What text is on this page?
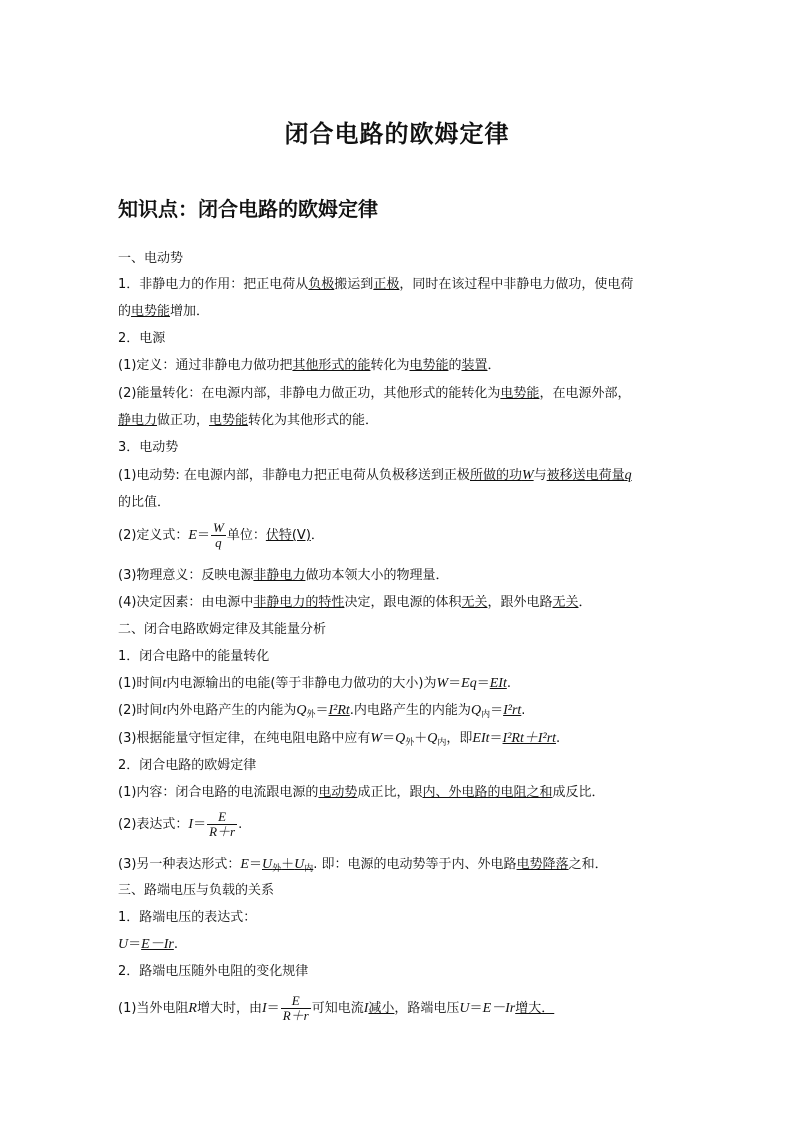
闭合电路的欧姆定律
知识点：闭合电路的欧姆定律
一、电动势
1．非静电力的作用：把正电荷从负极搬运到正极，同时在该过程中非静电力做功，使电荷
的电势能增加．
2．电源
(1)定义：通过非静电力做功把其他形式的能转化为电势能的装置．
(2)能量转化：在电源内部，非静电力做正功，其他形式的能转化为电势能，在电源外部，
静电力做正功，电势能转化为其他形式的能．
3．电动势
(1)电动势: 在电源内部，非静电力把正电荷从负极移送到正极所做的功W与被移送电荷量q
的比值．
(2)定义式：$E= \frac{W}{q}$ 单位：伏特(V)．
(3)物理意义：反映电源非静电力做功本领大小的物理量．
(4)决定因素：由电源中非静电力的特性决定，跟电源的体积无关，跟外电路无关．
二、闭合电路欧姆定律及其能量分析
1．闭合电路中的能量转化
(1)时间t内电源输出的电能(等于非静电力做功的大小)为W＝Eq＝EIt.
(2)时间t内外电路产生的内能为$Q_外=I^2Rt$.内电路产生的内能为$Q_内=I^2rt$.
(3)根据能量守恒定律，在纯电阻电路中应有$W=Q_外+Q_内$，即EIt＝I²Rt＋I²rt.
2．闭合电路的欧姆定律
(1)内容：闭合电路的电流跟电源的电动势成正比，跟内、外电路的电阻之和成反比．
(2)表达式：$I= \frac{E}{R+r}$ .
(3)另一种表达形式：$E=U_外+U_内$. 即：电源的电动势等于内、外电路电势降落之和．
三、路端电压与负载的关系
1．路端电压的表达式：
U＝E－Ir.
2．路端电压随外电阻的变化规律
(1)当外电阻R增大时，由$I= \frac{E}{R+r}$ 可知电流I减小，路端电压U＝E－Ir增大．
